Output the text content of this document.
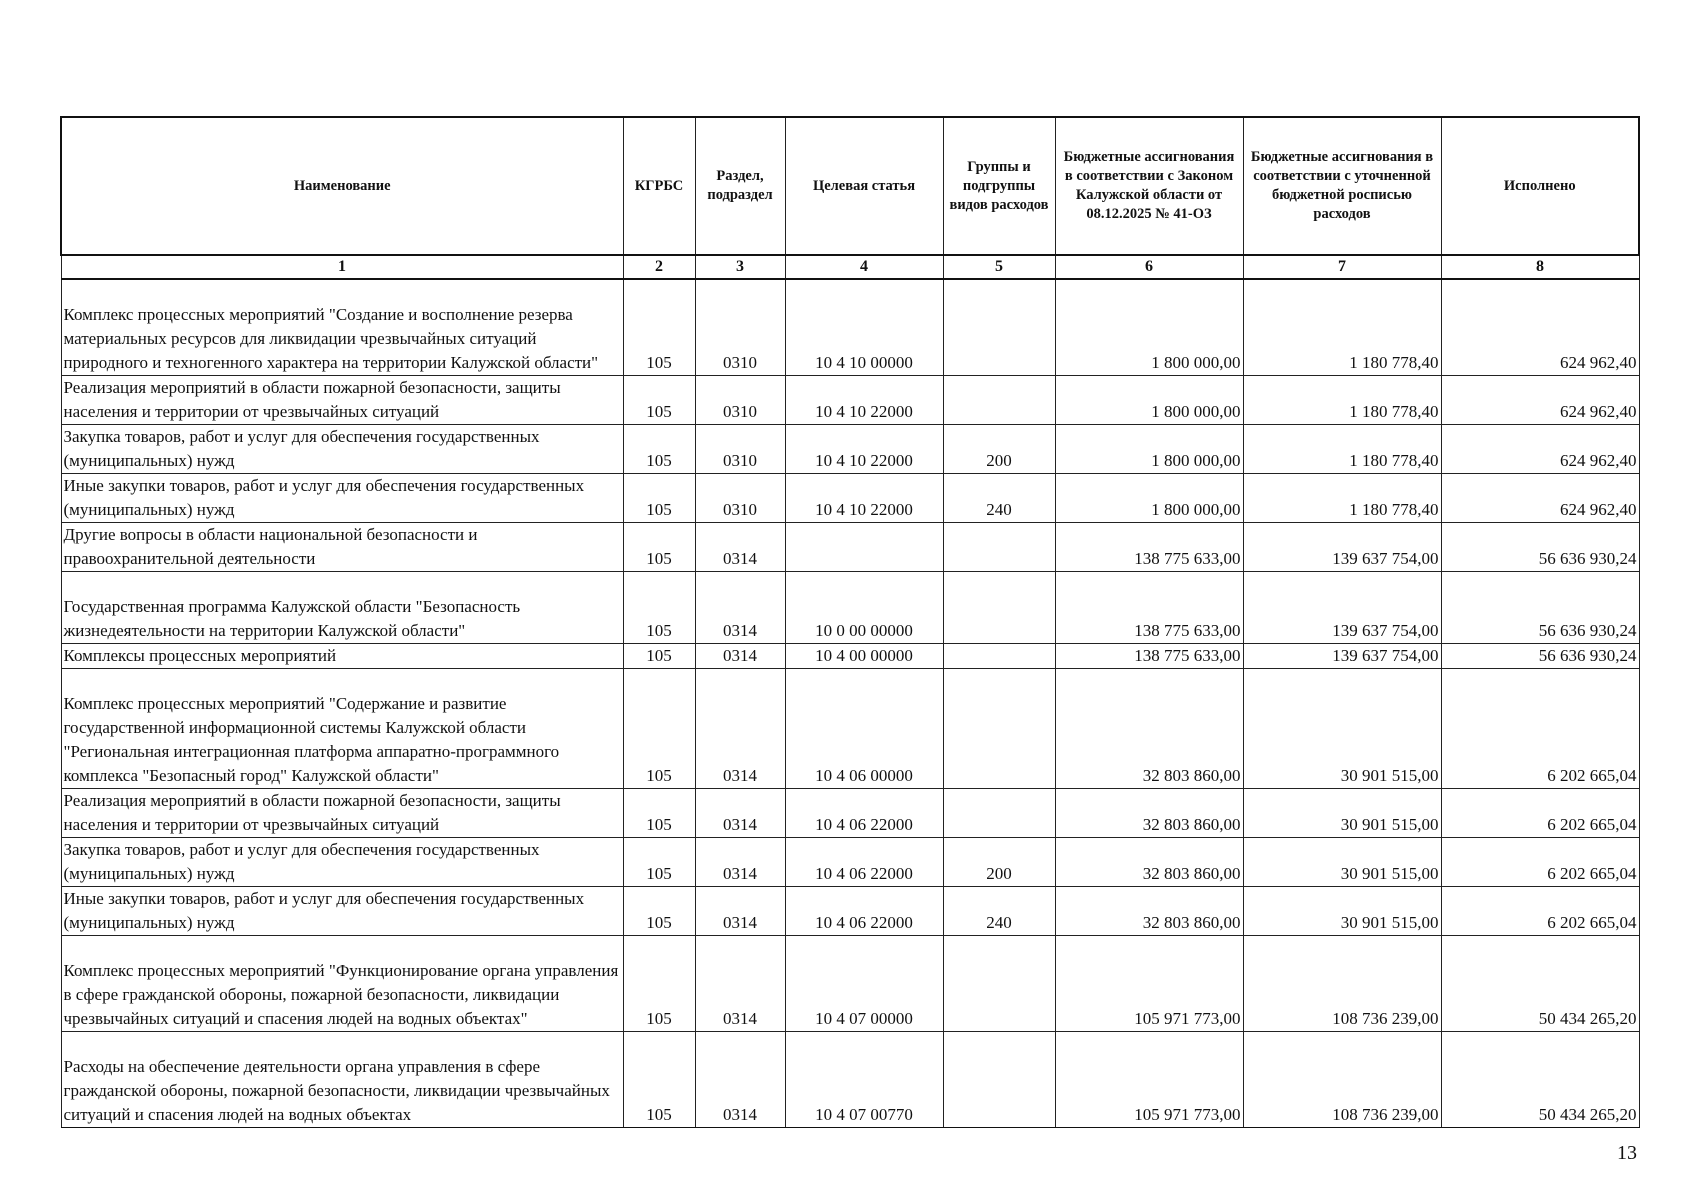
Наименование	КГРБС	Раздел, подраздел	Целевая статья	Группы и подгруппы видов расходов	Бюджетные ассигнования в соответствии с Законом Калужской области от 08.12.2025 № 41-ОЗ	Бюджетные ассигнования в соответствии с уточненной бюджетной росписью расходов	Исполнено
1	2	3	4	5	6	7	8
Комплекс процессных мероприятий "Создание и восполнение резерва материальных ресурсов для ликвидации чрезвычайных ситуаций природного и техногенного характера на территории Калужской области"	105	0310	10 4 10 00000		1 800 000,00	1 180 778,40	624 962,40
Реализация мероприятий в области пожарной безопасности, защиты населения и территории от чрезвычайных ситуаций	105	0310	10 4 10 22000		1 800 000,00	1 180 778,40	624 962,40
Закупка товаров, работ и услуг для обеспечения государственных (муниципальных) нужд	105	0310	10 4 10 22000	200	1 800 000,00	1 180 778,40	624 962,40
Иные закупки товаров, работ и услуг для обеспечения государственных (муниципальных) нужд	105	0310	10 4 10 22000	240	1 800 000,00	1 180 778,40	624 962,40
Другие вопросы в области национальной безопасности и правоохранительной деятельности	105	0314			138 775 633,00	139 637 754,00	56 636 930,24
Государственная программа Калужской области "Безопасность жизнедеятельности на территории Калужской области"	105	0314	10 0 00 00000		138 775 633,00	139 637 754,00	56 636 930,24
Комплексы процессных мероприятий	105	0314	10 4 00 00000		138 775 633,00	139 637 754,00	56 636 930,24
Комплекс процессных мероприятий "Содержание и развитие государственной информационной системы Калужской области "Региональная интеграционная платформа аппаратно-программного комплекса "Безопасный город" Калужской области"	105	0314	10 4 06 00000		32 803 860,00	30 901 515,00	6 202 665,04
Реализация мероприятий в области пожарной безопасности, защиты населения и территории от чрезвычайных ситуаций	105	0314	10 4 06 22000		32 803 860,00	30 901 515,00	6 202 665,04
Закупка товаров, работ и услуг для обеспечения государственных (муниципальных) нужд	105	0314	10 4 06 22000	200	32 803 860,00	30 901 515,00	6 202 665,04
Иные закупки товаров, работ и услуг для обеспечения государственных (муниципальных) нужд	105	0314	10 4 06 22000	240	32 803 860,00	30 901 515,00	6 202 665,04
Комплекс процессных мероприятий "Функционирование органа управления в сфере гражданской обороны, пожарной безопасности, ликвидации чрезвычайных ситуаций и спасения людей на водных объектах"	105	0314	10 4 07 00000		105 971 773,00	108 736 239,00	50 434 265,20
Расходы на обеспечение деятельности органа управления в сфере гражданской обороны, пожарной безопасности, ликвидации чрезвычайных ситуаций и спасения людей на водных объектах	105	0314	10 4 07 00770		105 971 773,00	108 736 239,00	50 434 265,20
13
